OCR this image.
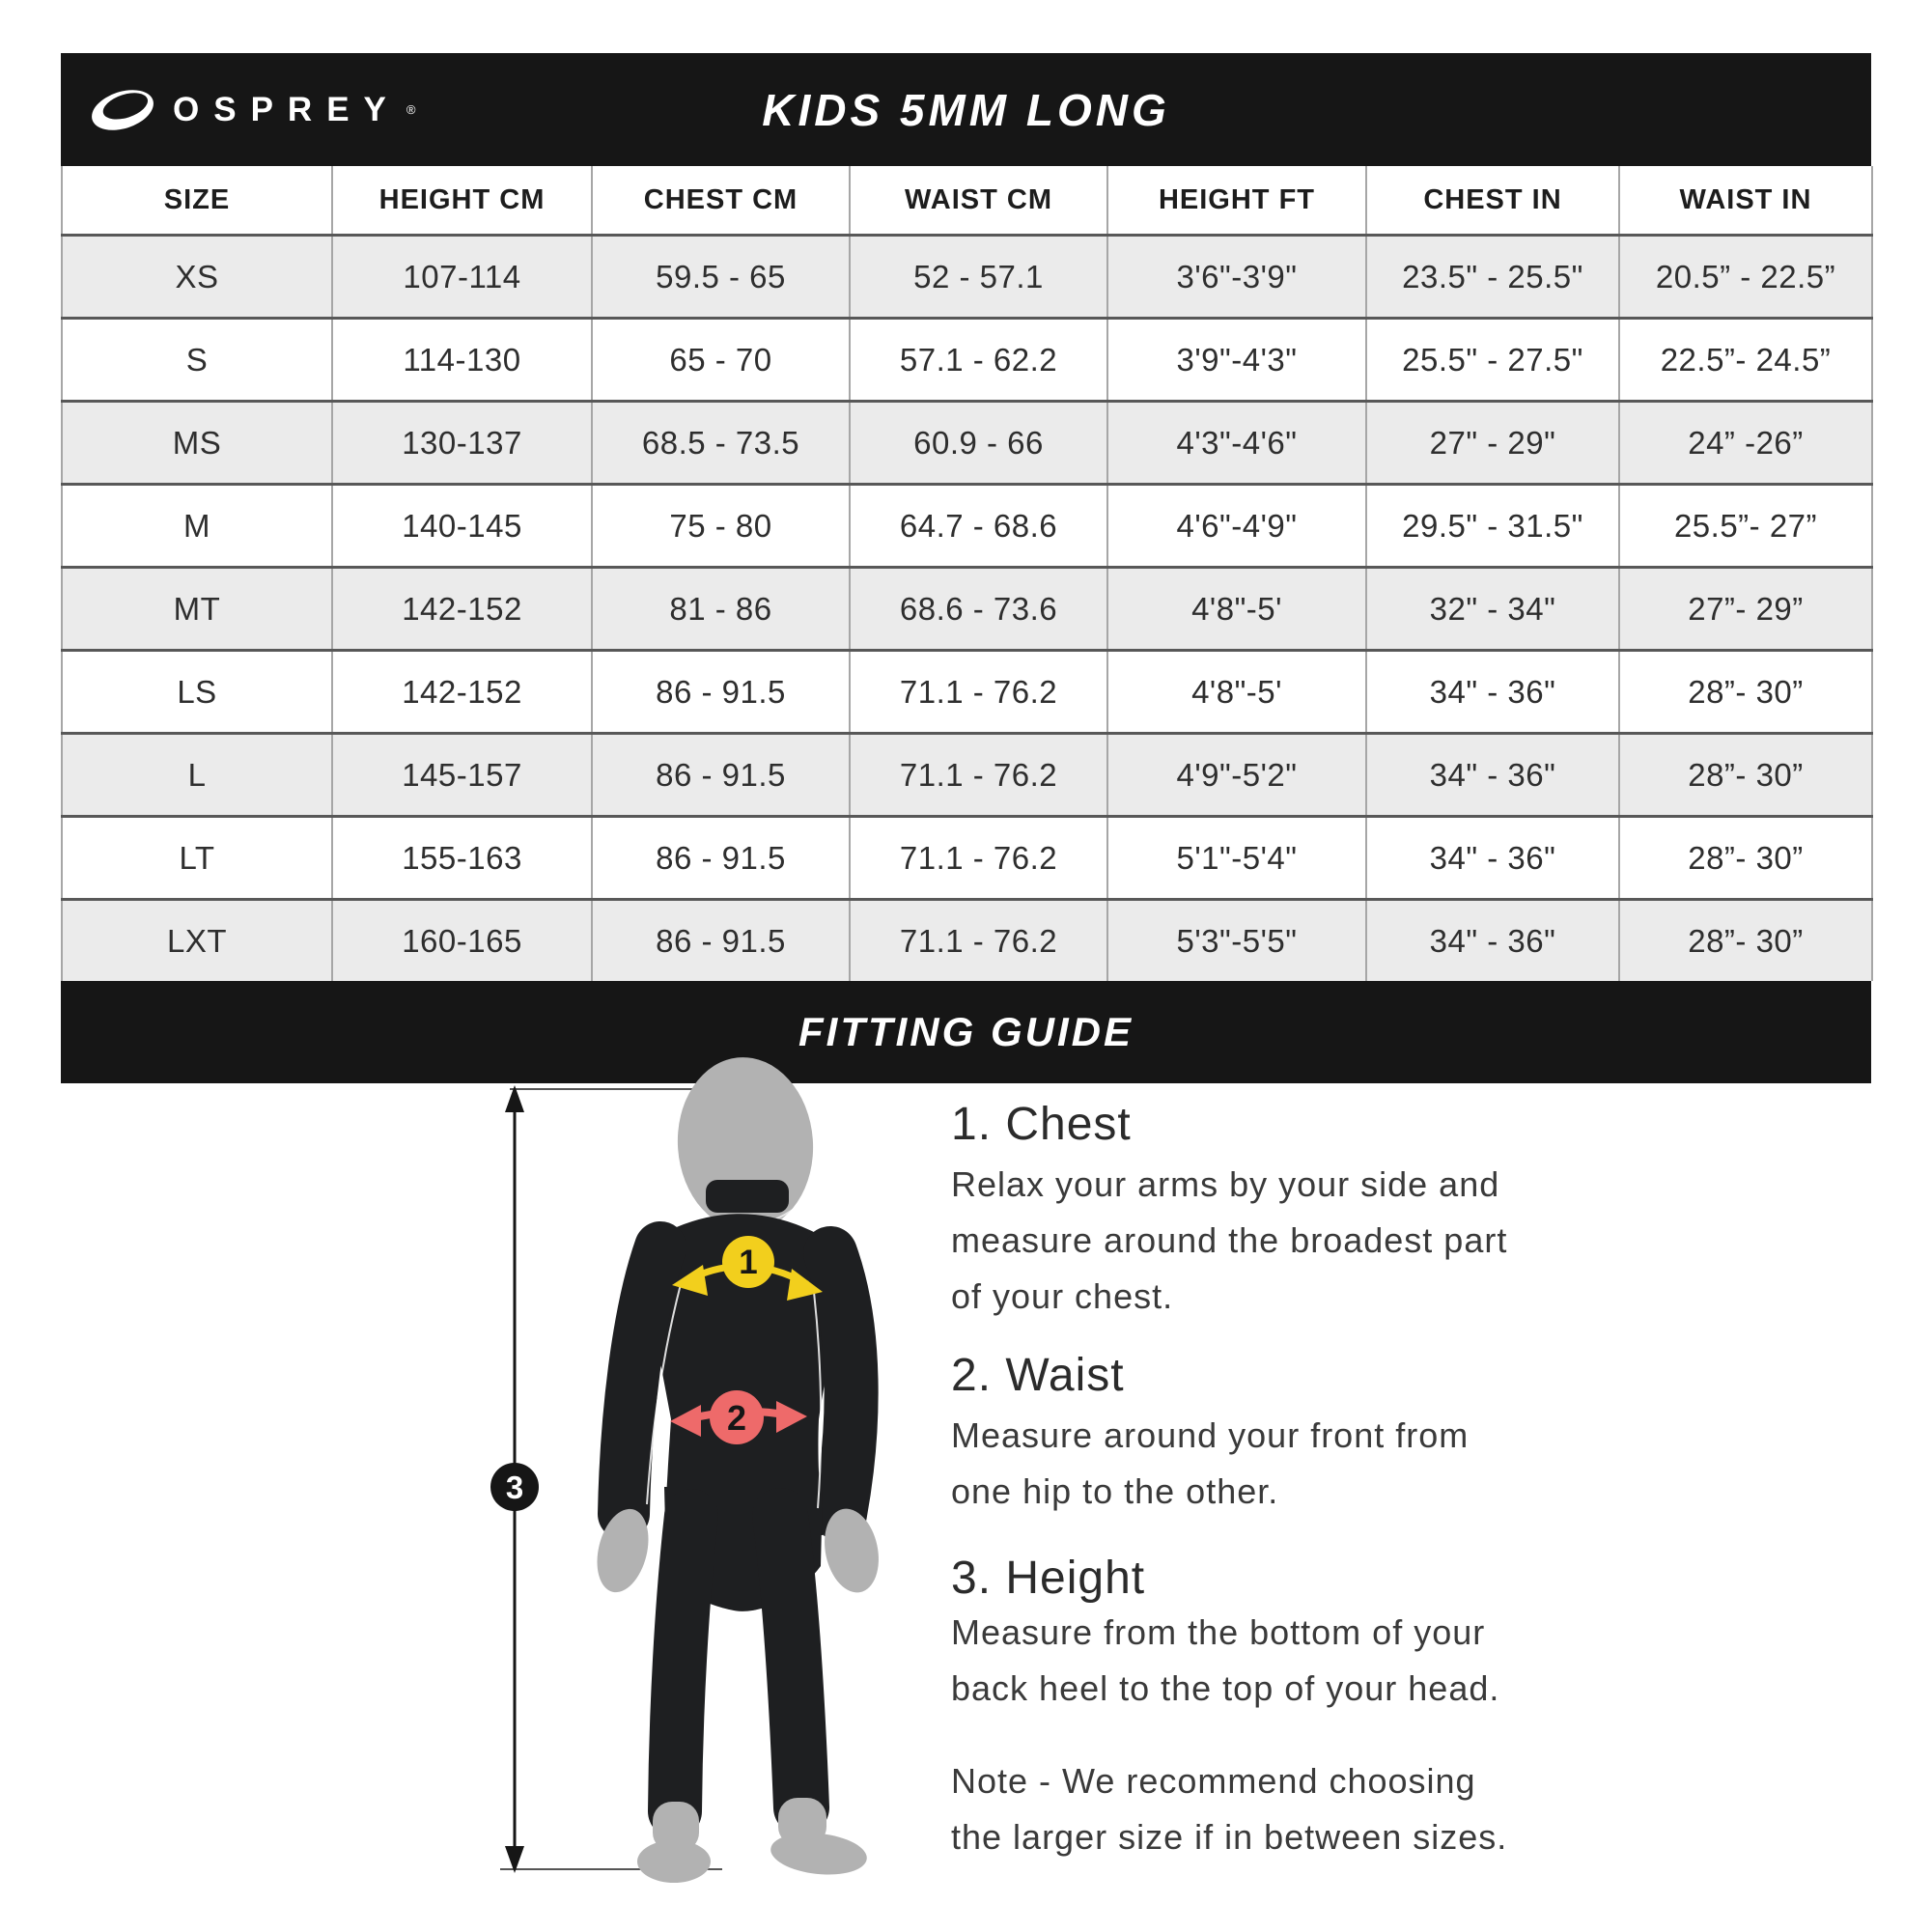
OSPREY ®	KIDS 5MM LONG
SIZE	HEIGHT CM	CHEST CM	WAIST CM	HEIGHT FT	CHEST IN	WAIST IN
XS	107-114	59.5 - 65	52 - 57.1	3'6"-3'9"	23.5" - 25.5"	20.5” - 22.5”
S	114-130	65 - 70	57.1 - 62.2	3'9"-4'3"	25.5" - 27.5"	22.5”- 24.5”
MS	130-137	68.5 - 73.5	60.9 - 66	4'3"-4'6"	27" - 29"	24” -26”
M	140-145	75 - 80	64.7 - 68.6	4'6"-4'9"	29.5" - 31.5"	25.5”- 27”
MT	142-152	81 - 86	68.6 - 73.6	4'8"-5'	32" - 34"	27”- 29”
LS	142-152	86 - 91.5	71.1 - 76.2	4'8"-5'	34" - 36"	28”- 30”
L	145-157	86 - 91.5	71.1 - 76.2	4'9"-5'2"	34" - 36"	28”- 30”
LT	155-163	86 - 91.5	71.1 - 76.2	5'1"-5'4"	34" - 36"	28”- 30”
LXT	160-165	86 - 91.5	71.1 - 76.2	5'3"-5'5"	34" - 36"	28”- 30”
FITTING GUIDE
1
2
3
1. Chest
Relax your arms by your side and
measure around the broadest part
of your chest.
2. Waist
Measure around your front from
one hip to the other.
3. Height
Measure from the bottom of your
back heel to the top of your head.
Note - We recommend choosing
the larger size if in between sizes.
